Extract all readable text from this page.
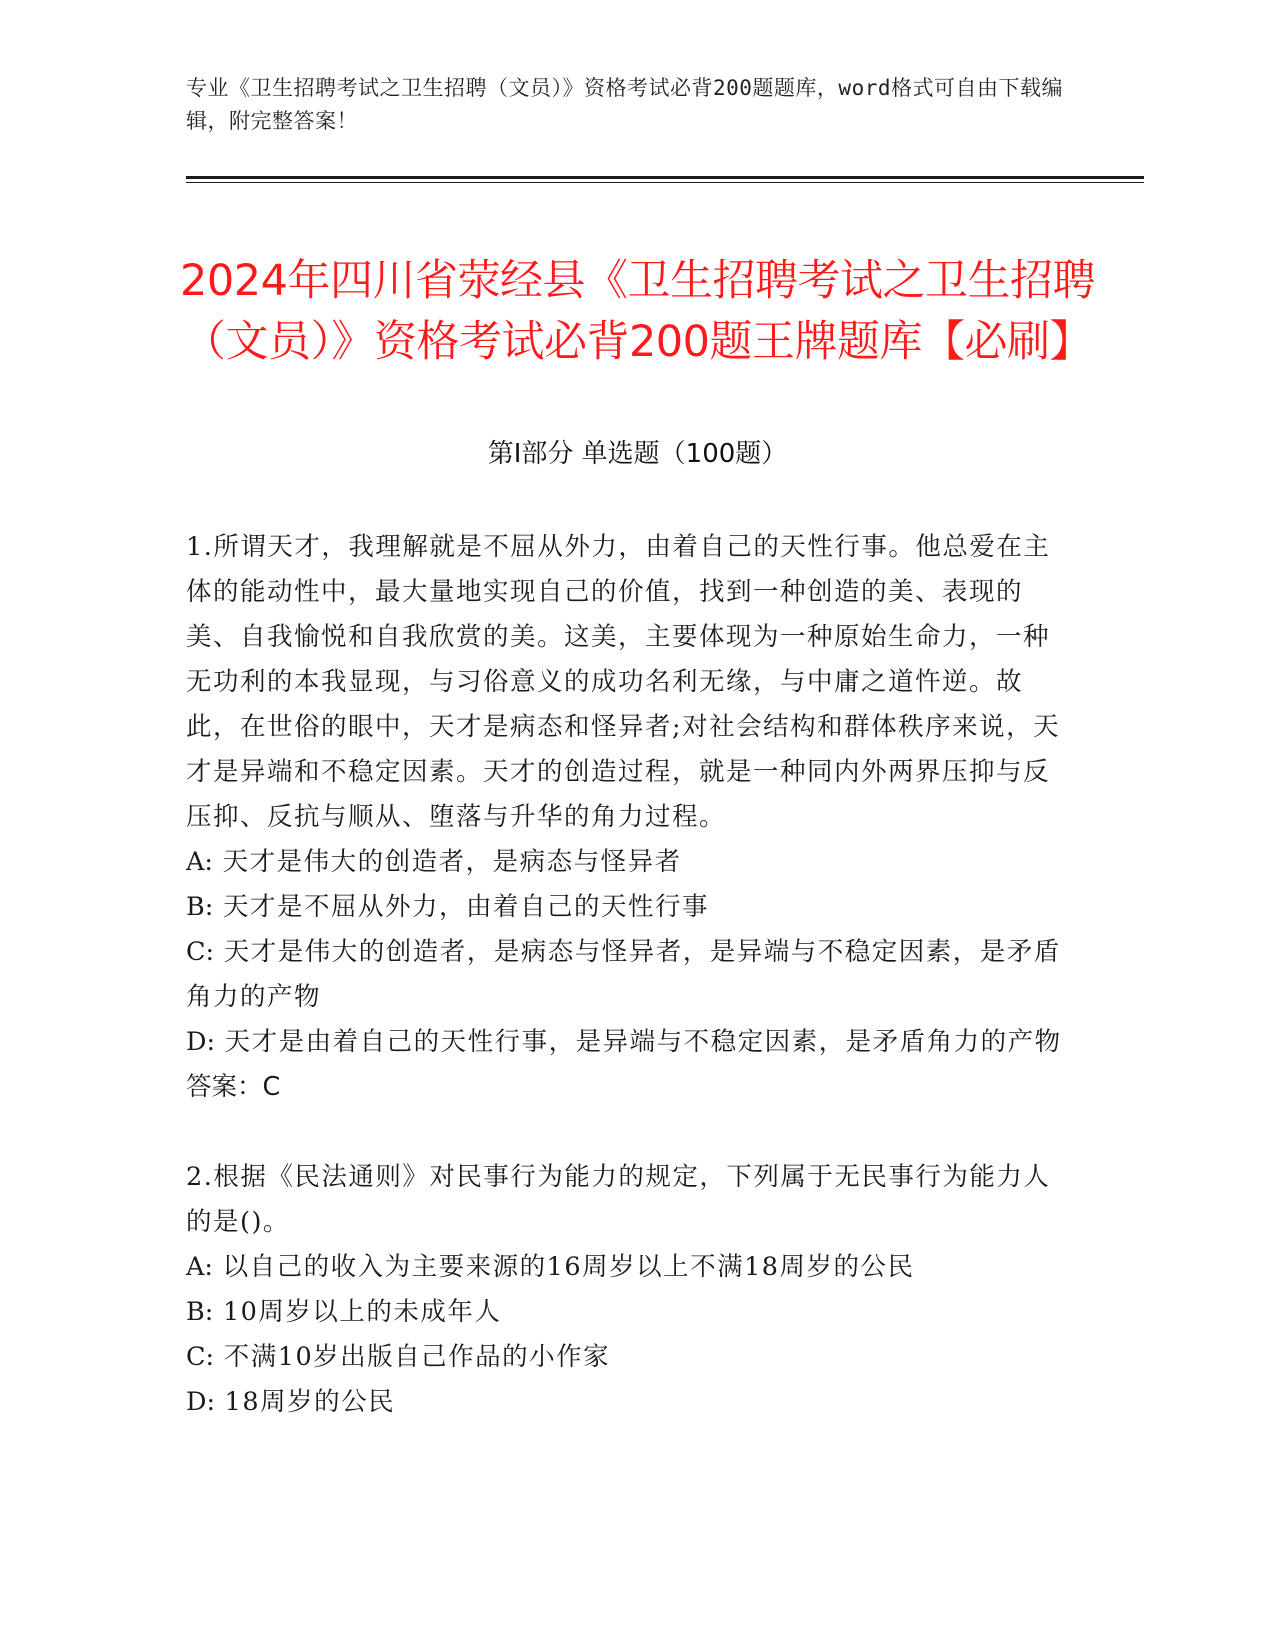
专业《卫生招聘考试之卫生招聘（文员）》资格考试必背200题题库，word格式可自由下载编辑，附完整答案！
2024年四川省荥经县《卫生招聘考试之卫生招聘（文员）》资格考试必背200题王牌题库【必刷】
第I部分 单选题（100题）

1.所谓天才，我理解就是不屈从外力，由着自己的天性行事。他总爱在主体的能动性中，最大量地实现自己的价值，找到一种创造的美、表现的美、自我愉悦和自我欣赏的美。这美，主要体现为一种原始生命力，一种无功利的本我显现，与习俗意义的成功名利无缘，与中庸之道忤逆。故此，在世俗的眼中，天才是病态和怪异者;对社会结构和群体秩序来说，天才是异端和不稳定因素。天才的创造过程，就是一种同内外两界压抑与反压抑、反抗与顺从、堕落与升华的角力过程。

A: 天才是伟大的创造者，是病态与怪异者

B: 天才是不屈从外力，由着自己的天性行事

C: 天才是伟大的创造者，是病态与怪异者，是异端与不稳定因素，是矛盾角力的产物

D: 天才是由着自己的天性行事，是异端与不稳定因素，是矛盾角力的产物

答案：C

2.根据《民法通则》对民事行为能力的规定，下列属于无民事行为能力人的是()。

A: 以自己的收入为主要来源的16周岁以上不满18周岁的公民

B: 10周岁以上的未成年人

C: 不满10岁出版自己作品的小作家

D: 18周岁的公民
